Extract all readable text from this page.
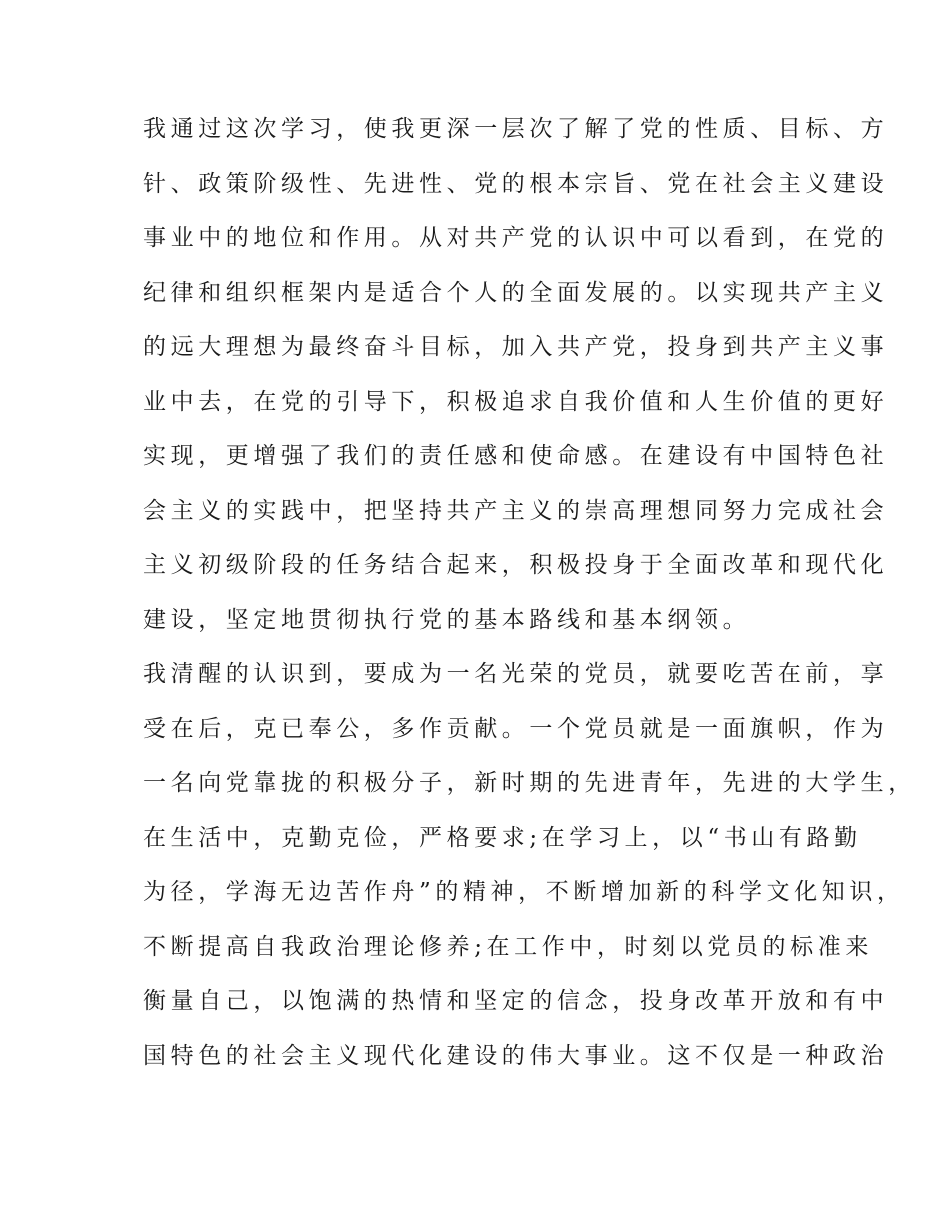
我通过这次学习，使我更深一层次了解了党的性质、目标、方
针、政策阶级性、先进性、党的根本宗旨、党在社会主义建设
事业中的地位和作用。从对共产党的认识中可以看到，在党的
纪律和组织框架内是适合个人的全面发展的。以实现共产主义
的远大理想为最终奋斗目标，加入共产党，投身到共产主义事
业中去，在党的引导下，积极追求自我价值和人生价值的更好
实现，更增强了我们的责任感和使命感。在建设有中国特色社
会主义的实践中，把坚持共产主义的崇高理想同努力完成社会
主义初级阶段的任务结合起来，积极投身于全面改革和现代化
建设，坚定地贯彻执行党的基本路线和基本纲领。
我清醒的认识到，要成为一名光荣的党员，就要吃苦在前，享
受在后，克已奉公，多作贡献。一个党员就是一面旗帜，作为
一名向党靠拢的积极分子，新时期的先进青年，先进的大学生，
在生活中，克勤克俭，严格要求;在学习上，以“书山有路勤
为径，学海无边苦作舟”的精神，不断增加新的科学文化知识，
不断提高自我政治理论修养;在工作中，时刻以党员的标准来
衡量自己，以饱满的热情和坚定的信念，投身改革开放和有中
国特色的社会主义现代化建设的伟大事业。这不仅是一种政治
